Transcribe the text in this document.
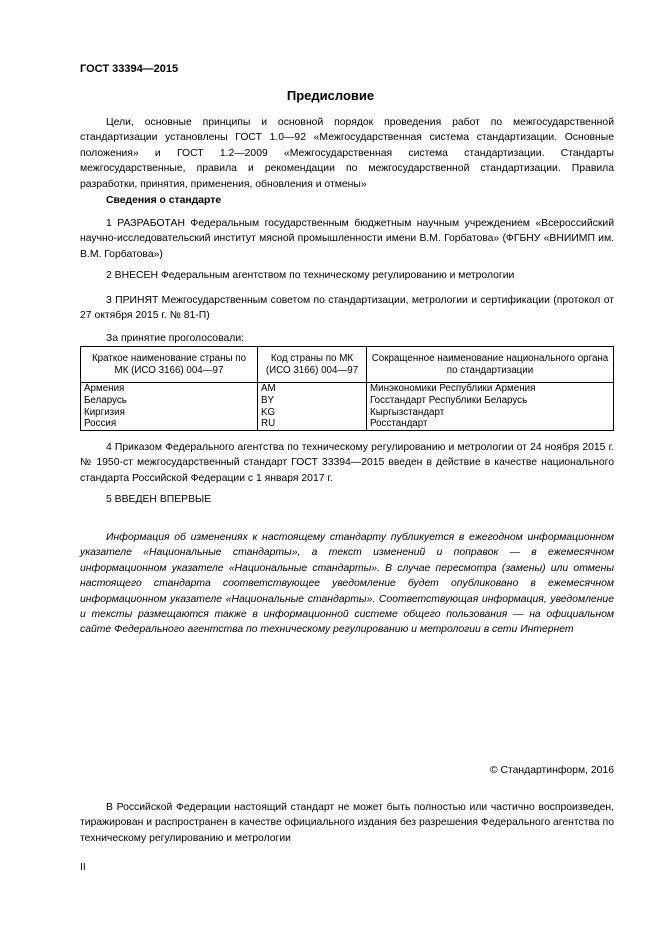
ГОСТ 33394—2015
Предисловие
Цели, основные принципы и основной порядок проведения работ по межгосударственной стандартизации установлены ГОСТ 1.0—92 «Межгосударственная система стандартизации. Основные положения» и ГОСТ 1.2—2009 «Межгосударственная система стандартизации. Стандарты межгосударственные, правила и рекомендации по межгосударственной стандартизации. Правила разработки, принятия, применения, обновления и отмены»
Сведения о стандарте
1 РАЗРАБОТАН Федеральным государственным бюджетным научным учреждением «Всероссийский научно-исследовательский институт мясной промышленности имени В.М. Горбатова» (ФГБНУ «ВНИИМП им. В.М. Горбатова»)
2 ВНЕСЕН Федеральным агентством по техническому регулированию и метрологии
3 ПРИНЯТ Межгосударственным советом по стандартизации, метрологии и сертификации (протокол от 27 октября 2015 г. № 81-П)
За принятие проголосовали:
Краткое наименование страны по МК (ИСО 3166) 004—97	Код страны по МК (ИСО 3166) 004—97	Сокращенное наименование национального органа по стандартизации
Армения	AM	Минэкономики Республики Армения
Беларусь	BY	Госстандарт Республики Беларусь
Киргизия	KG	Кыргызстандарт
Россия	RU	Росстандарт
4 Приказом Федерального агентства по техническому регулированию и метрологии от 24 ноября 2015 г. № 1950-ст межгосударственный стандарт ГОСТ 33394—2015 введен в действие в качестве национального стандарта Российской Федерации с 1 января 2017 г.
5 ВВЕДЕН ВПЕРВЫЕ
Информация об изменениях к настоящему стандарту публикуется в ежегодном информационном указателе «Национальные стандарты», а текст изменений и поправок — в ежемесячном информационном указателе «Национальные стандарты». В случае пересмотра (замены) или отмены настоящего стандарта соответствующее уведомление будет опубликовано в ежемесячном информационном указателе «Национальные стандарты». Соответствующая информация, уведомление и тексты размещаются также в информационной системе общего пользования — на официальном сайте Федерального агентства по техническому регулированию и метрологии в сети Интернет
© Стандартинформ, 2016
В Российской Федерации настоящий стандарт не может быть полностью или частично воспроизведен, тиражирован и распространен в качестве официального издания без разрешения Федерального агентства по техническому регулированию и метрологии
II
